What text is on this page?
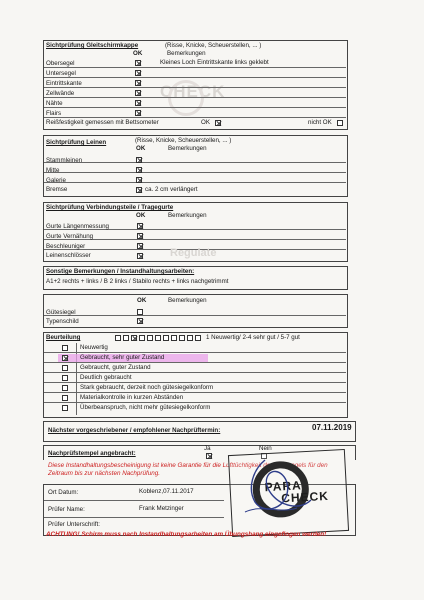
CHECK
Sichtprüfung Gleitschirmkappe	(Risse, Knicke, Scheuerstellen, ... )
OK	Bemerkungen
Obersegel	Kleines Loch Eintrittskante links geklebt
Untersegel
Eintrittskante
Zellwände
Nähte
Flairs
Reißfestigkeit gemessen mit Bettsometer	OK	nicht OK
Sichtprüfung Leinen	(Risse, Knicke, Scheuerstellen, ... )
OK	Bemerkungen
Stammleinen
Mitte
Galerie
Bremse	ca. 2 cm verlängert
Sichtprüfung Verbindungsteile / Tragegurte
OK	Bemerkungen
Gurte Längenmessung
Gurte Vernähung
Beschleuniger
Leinenschlösser	Regulate
Sonstige Bemerkungen / Instandhaltungsarbeiten:
A1+2 rechts + links / B 2 links / Stabilo rechts + links nachgetrimmt
OK	Bemerkungen
Gütesiegel
Typenschild
Beurteilung	1 Neuwertig/ 2-4 sehr gut / 5-7 gut
Neuwertig
Gebraucht, sehr guter Zustand
Gebraucht, guter Zustand
Deutlich gebraucht
Stark gebraucht, derzeit noch gütesiegelkonform
Materialkontrolle in kurzen Abständen
Überbeanspruch, nicht mehr gütesiegelkonform
Nächster vorgeschriebener / empfohlener Nachprüftermin:	07.11.2019
Nachprüfstempel angebracht:
Ja	Nein
Diese Instandhaltungsbescheinigung ist keine Garantie für die Lufttüchtigkeit des Gleitsegels für den Zeitraum bis zur nächsten Nachprüfung.
Ort Datum:	Koblenz,07.11.2017
Prüfer Name:	Frank Metzinger
Prüfer Unterschrift:
PARA
CHECK
ACHTUNG! Schirm muss nach Instandhaltungsarbeiten am Übungshang eingeflogen werden!
